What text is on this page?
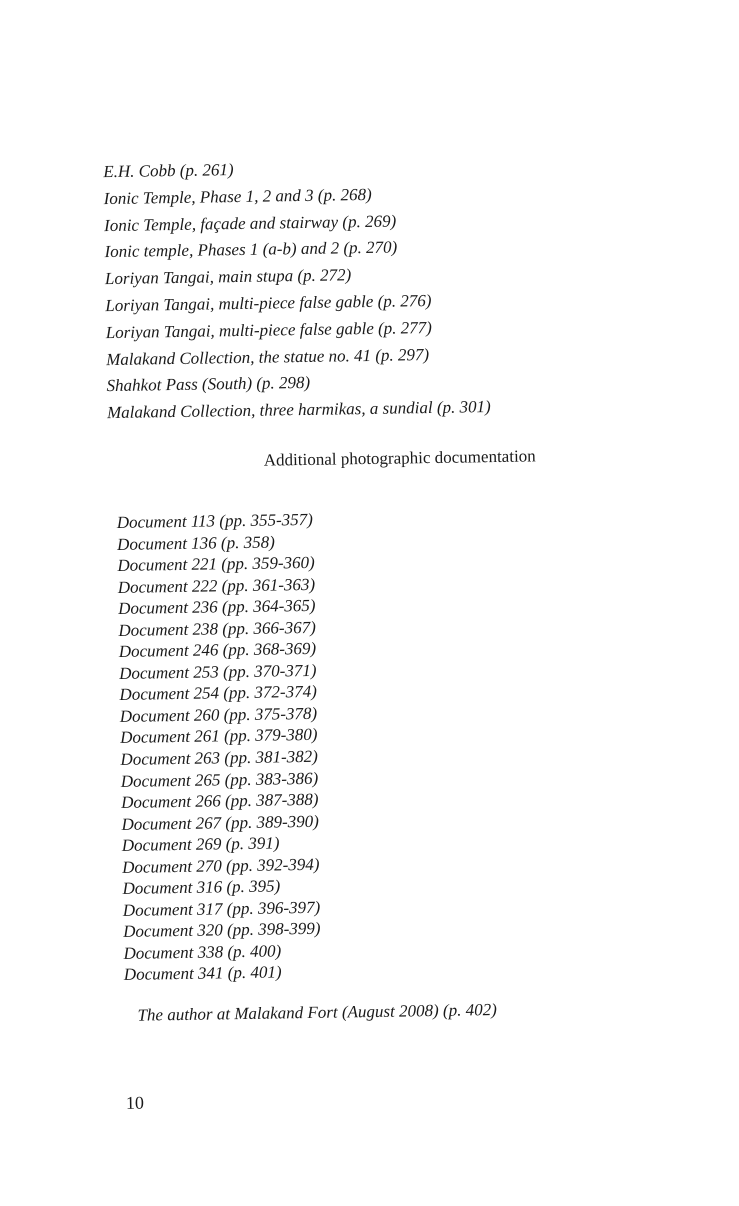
E.H. Cobb (p. 261)
Ionic Temple, Phase 1, 2 and 3 (p. 268)
Ionic Temple, façade and stairway (p. 269)
Ionic temple, Phases 1 (a-b) and 2 (p. 270)
Loriyan Tangai, main stupa (p. 272)
Loriyan Tangai, multi-piece false gable (p. 276)
Loriyan Tangai, multi-piece false gable (p. 277)
Malakand Collection, the statue no. 41 (p. 297)
Shahkot Pass (South) (p. 298)
Malakand Collection, three harmikas, a sundial (p. 301)
Additional photographic documentation
Document 113 (pp. 355-357)
Document 136 (p. 358)
Document 221 (pp. 359-360)
Document 222 (pp. 361-363)
Document 236 (pp. 364-365)
Document 238 (pp. 366-367)
Document 246 (pp. 368-369)
Document 253 (pp. 370-371)
Document 254 (pp. 372-374)
Document 260 (pp. 375-378)
Document 261 (pp. 379-380)
Document 263 (pp. 381-382)
Document 265 (pp. 383-386)
Document 266 (pp. 387-388)
Document 267 (pp. 389-390)
Document 269 (p. 391)
Document 270 (pp. 392-394)
Document 316 (p. 395)
Document 317 (pp. 396-397)
Document 320 (pp. 398-399)
Document 338 (p. 400)
Document 341 (p. 401)

The author at Malakand Fort (August 2008) (p. 402)

10
